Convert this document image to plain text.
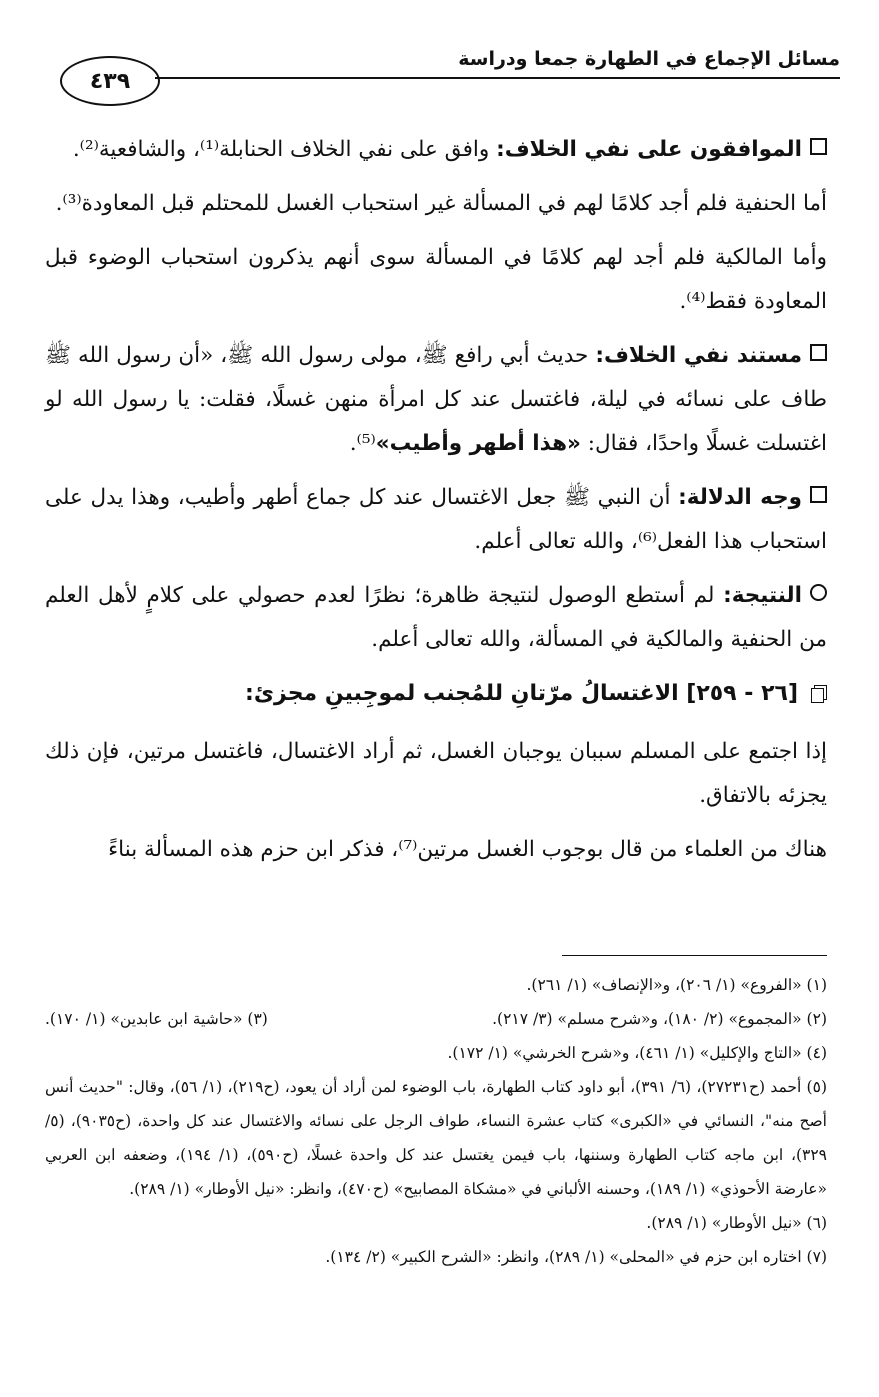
مسائل الإجماع في الطهارة جمعا ودراسة
٤٣٩

الموافقون على نفي الخلاف: وافق على نفي الخلاف الحنابلة⁽¹⁾، والشافعية⁽²⁾.

أما الحنفية فلم أجد كلامًا لهم في المسألة غير استحباب الغسل للمحتلم قبل المعاودة⁽³⁾.

وأما المالكية فلم أجد لهم كلامًا في المسألة سوى أنهم يذكرون استحباب الوضوء قبل المعاودة فقط⁽⁴⁾.

مستند نفي الخلاف: حديث أبي رافع ﷺ، مولى رسول الله ﷺ، «أن رسول الله ﷺ طاف على نسائه في ليلة، فاغتسل عند كل امرأة منهن غسلًا، فقلت: يا رسول الله لو اغتسلت غسلًا واحدًا، فقال: «هذا أطهر وأطيب»⁽⁵⁾.

وجه الدلالة: أن النبي ﷺ جعل الاغتسال عند كل جماع أطهر وأطيب، وهذا يدل على استحباب هذا الفعل⁽⁶⁾، والله تعالى أعلم.

النتيجة: لم أستطع الوصول لنتيجة ظاهرة؛ نظرًا لعدم حصولي على كلامٍ لأهل العلم من الحنفية والمالكية في المسألة، والله تعالى أعلم.

[٢٦ - ٢٥٩] الاغتسالُ مرّتانِ للمُجنب لموجِبينِ مجزئ:

إذا اجتمع على المسلم سببان يوجبان الغسل، ثم أراد الاغتسال، فاغتسل مرتين، فإن ذلك يجزئه بالاتفاق.

هناك من العلماء من قال بوجوب الغسل مرتين⁽⁷⁾، فذكر ابن حزم هذه المسألة بناءً

(١) «الفروع» (١/ ٢٠٦)، و«الإنصاف» (١/ ٢٦١).

(٢) «المجموع» (٢/ ١٨٠)، و«شرح مسلم» (٣/ ٢١٧).
(٣) «حاشية ابن عابدين» (١/ ١٧٠).

(٤) «التاج والإكليل» (١/ ٤٦١)، و«شرح الخرشي» (١/ ١٧٢).

(٥) أحمد (ح٢٧٢٣١)، (٦/ ٣٩١)، أبو داود كتاب الطهارة، باب الوضوء لمن أراد أن يعود، (ح٢١٩)، (١/ ٥٦)، وقال: "حديث أنس أصح منه"، النسائي في «الكبرى» كتاب عشرة النساء، طواف الرجل على نسائه والاغتسال عند كل واحدة، (ح٩٠٣٥)، (٥/ ٣٢٩)، ابن ماجه كتاب الطهارة وسننها، باب فيمن يغتسل عند كل واحدة غسلًا، (ح٥٩٠)، (١/ ١٩٤)، وضعفه ابن العربي «عارضة الأحوذي» (١/ ١٨٩)، وحسنه الألباني في «مشكاة المصابيح» (ح٤٧٠)، وانظر: «نيل الأوطار» (١/ ٢٨٩).

(٦) «نيل الأوطار» (١/ ٢٨٩).

(٧) اختاره ابن حزم في «المحلى» (١/ ٢٨٩)، وانظر: «الشرح الكبير» (٢/ ١٣٤).
